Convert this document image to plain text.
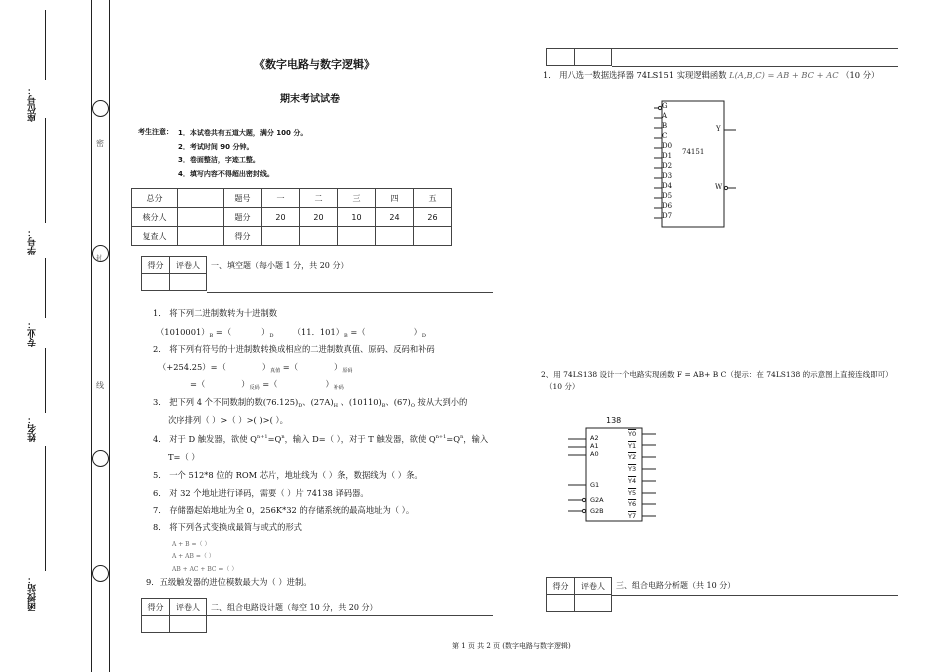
座位号：
学号：
专业：
姓名：
函授站：
密
封
线
《数字电路与数字逻辑》
期末考试试卷
考生注意： 1．本试卷共有五道大题，满分 100 分。
2．考试时间 90 分钟。
3．卷面整洁，字迹工整。
4．填写内容不得超出密封线。
总分		题号	一	二	三	四	五
核分人		题分	20	20	10	24	26
复查人		得分					
得分	评卷人
	一、填空题（每小题 1 分，共 20 分）
1． 将下列二进制数转为十进制数
$(1010001)_B$ =（	）$_D$ （11．$101)_B$ =（	）$_D$
2． 将下列有符号的十进制数转换成相应的二进制数真值、原码、反码和补码
（+254.25）=（	）$_{真值}$ =（	）$_{原码}$
=（	）$_{反码}$ =（	）$_{补码}$
3． 把下列 4 个不同数制的数$(76.125)_D$、$(27A)_H$ 、$(10110)_B$、$(67)_O$ 按从大到小的
次序排列（ ）>（ ）>( )>( ）。
4． 对于 D 触发器，欲使 $Q^{n+1}=Q^n$，输入 D=（ ），对于 T 触发器，欲使 $Q^{n+1}=Q^n$，输入
T=（ ）
5． 一个 512*8 位的 ROM 芯片，地址线为（ ）条，数据线为（ ）条。
6． 对 32 个地址进行译码，需要（ ）片 74138 译码器。
7． 存储器起始地址为全 0，256K*32 的存储系统的最高地址为（ ）。
8． 将下列各式变换成最简与或式的形式
A + B =（ ）
A + AB =（ ）
AB + AC + BC =（ ）
9．五级触发器的进位模数最大为（ ）进制。
得分	评卷人
	二、组合电路设计题（每空 10 分，共 20 分）

1． 用八选一数据选择器 74LS151 实现逻辑函数 L(A,B,C) = AB + BC + AC （10 分）
G
A
B
C
D0
D1
D2
D3
D4
D5
D6
D7
74151
Y
W
2、用 74LS138 设计一个电路实现函数 F = AB+ B C（提示：在 74LS138 的示意图上直接连线即可）
（10 分）
138
A2
A1
A0
G1
G2A
G2B
Y0
Y1
Y2
Y3
Y4
Y5
Y6
Y7
得分	评卷人
	三、组合电路分析题（共 10 分）
第 1 页 共 2 页 (数字电路与数字逻辑)
